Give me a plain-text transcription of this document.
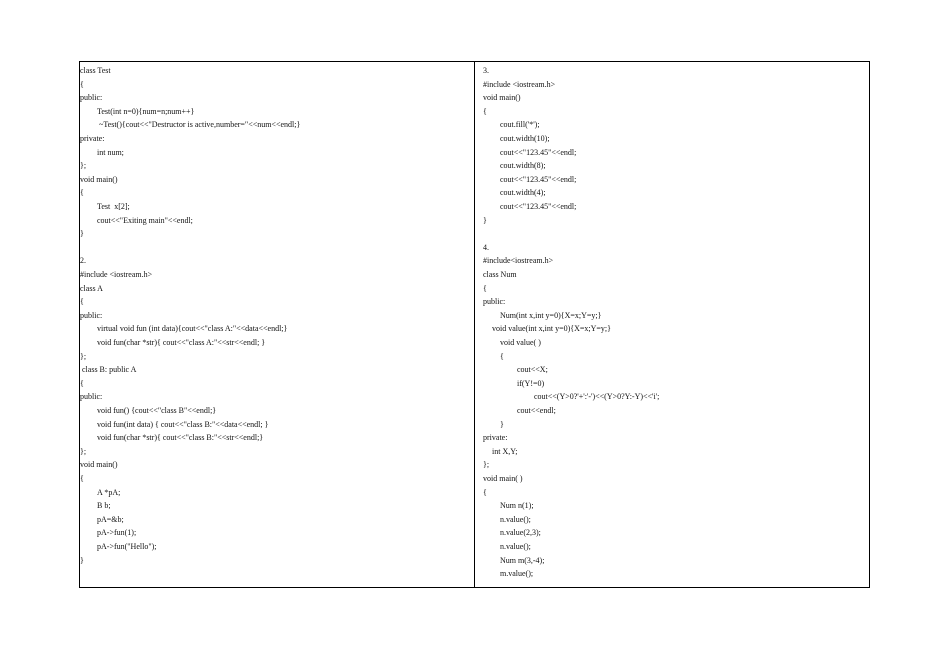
class Test
{
public:
Test(int n=0){num=n;num++}
~Test(){cout<<"Destructor is active,number="<<num<<endl;}
private:
int num;
};
void main()
{
Test  x[2];
cout<<"Exiting main"<<endl;
}
2.
#include <iostream.h>
class A
{
public:
virtual void fun (int data){cout<<"class A:"<<data<<endl;}
void fun(char *str){ cout<<"class A:"<<str<<endl; }
};
class B: public A
{
public:
void fun() {cout<<"class B"<<endl;}
void fun(int data) { cout<<"class B:"<<data<<endl; }
void fun(char *str){ cout<<"class B:"<<str<<endl;}
};
void main()
{
A *pA;
B b;
pA=&b;
pA->fun(1);
pA->fun("Hello");
}
3.
#include <iostream.h>
void main()
{
cout.fill('*');
cout.width(10);
cout<<"123.45"<<endl;
cout.width(8);
cout<<"123.45"<<endl;
cout.width(4);
cout<<"123.45"<<endl;
}
4.
#include<iostream.h>
class Num
{
public:
Num(int x,int y=0){X=x;Y=y;}
void value(int x,int y=0){X=x;Y=y;}
void value( )
{
cout<<X;
if(Y!=0)
cout<<(Y>0?'+':'-')<<(Y>0?Y:-Y)<<'i';
cout<<endl;
}
private:
int X,Y;
};
void main( )
{
Num n(1);
n.value();
n.value(2,3);
n.value();
Num m(3,-4);
m.value();
